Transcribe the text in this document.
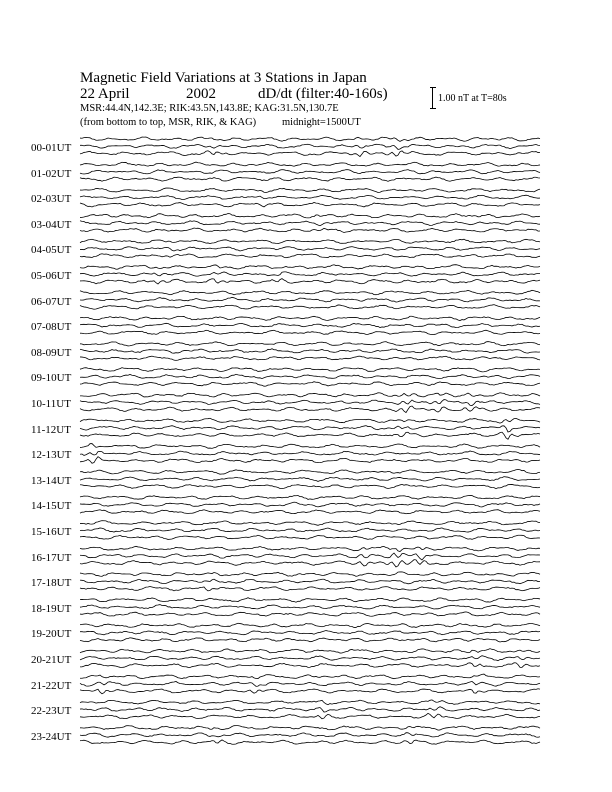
Magnetic Field Variations at 3 Stations in Japan
22 April	2002	dD/dt (filter:40-160s)
MSR:44.4N,142.3E; RIK:43.5N,143.8E; KAG:31.5N,130.7E
(from bottom to top, MSR, RIK, & KAG) midnight=1500UT
1.00 nT at T=80s
00-01UT
01-02UT
02-03UT
03-04UT
04-05UT
05-06UT
06-07UT
07-08UT
08-09UT
09-10UT
10-11UT
11-12UT
12-13UT
13-14UT
14-15UT
15-16UT
16-17UT
17-18UT
18-19UT
19-20UT
20-21UT
21-22UT
22-23UT
23-24UT
